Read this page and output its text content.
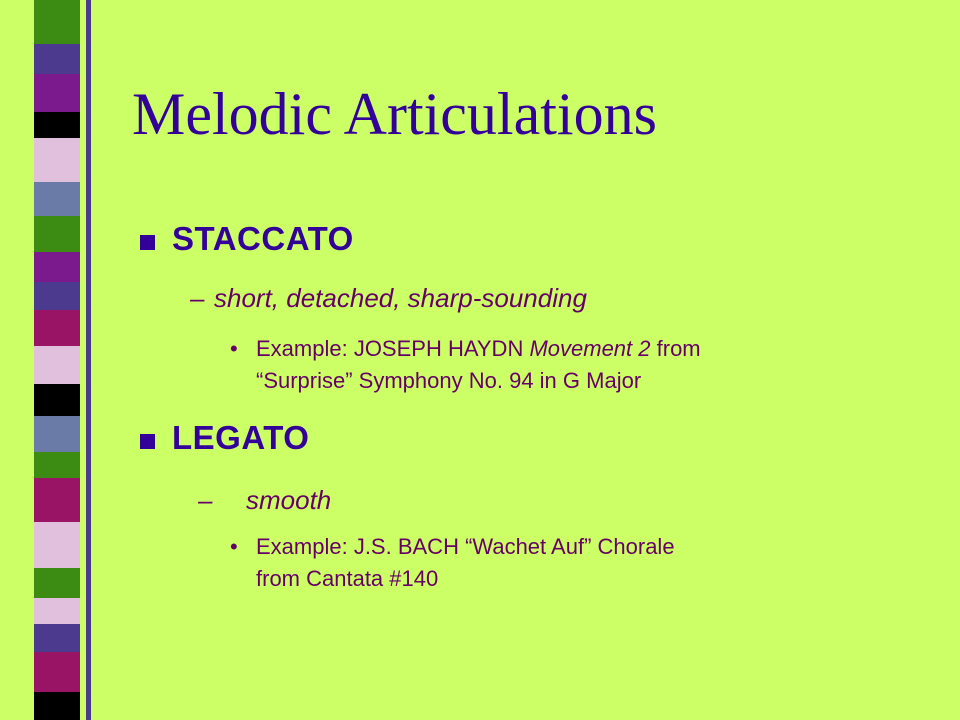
Melodic Articulations
STACCATO
– short, detached, sharp-sounding
• Example: JOSEPH HAYDN Movement 2 from

“Surprise” Symphony No. 94 in G Major

LEGATO
– smooth
• Example: J.S. BACH “Wachet Auf” Chorale

from Cantata #140
